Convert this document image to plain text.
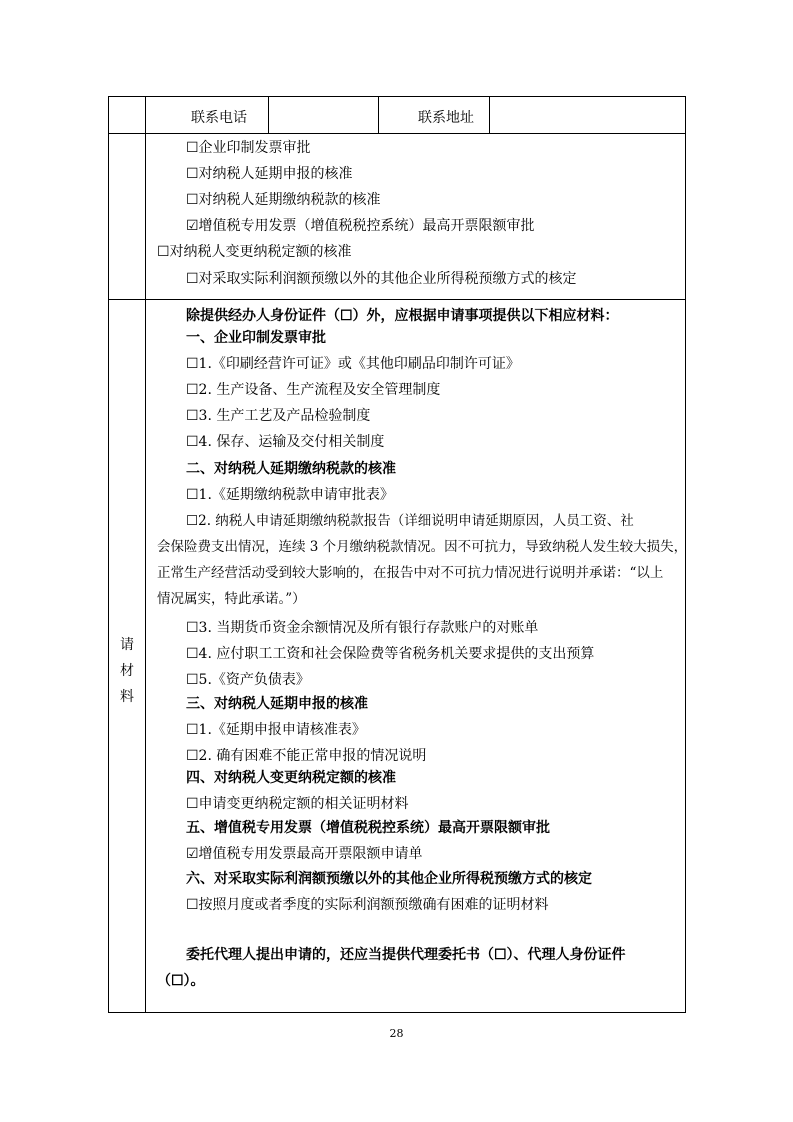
联系电话	联系地址
☐企业印制发票审批
☐对纳税人延期申报的核准
☐对纳税人延期缴纳税款的核准
☑增值税专用发票（增值税税控系统）最高开票限额审批
☐对纳税人变更纳税定额的核准
☐对采取实际利润额预缴以外的其他企业所得税预缴方式的核定
请
材
料
除提供经办人身份证件（☐）外，应根据申请事项提供以下相应材料：
一、企业印制发票审批
☐1.《印刷经营许可证》或《其他印刷品印制许可证》
☐2. 生产设备、生产流程及安全管理制度
☐3. 生产工艺及产品检验制度
☐4. 保存、运输及交付相关制度
二、对纳税人延期缴纳税款的核准
☐1.《延期缴纳税款申请审批表》
☐2. 纳税人申请延期缴纳税款报告（详细说明申请延期原因，人员工资、社
会保险费支出情况，连续 3 个月缴纳税款情况。因不可抗力，导致纳税人发生较大损失，
正常生产经营活动受到较大影响的，在报告中对不可抗力情况进行说明并承诺：“以上
情况属实，特此承诺。”）
☐3. 当期货币资金余额情况及所有银行存款账户的对账单
☐4. 应付职工工资和社会保险费等省税务机关要求提供的支出预算
☐5.《资产负债表》
三、对纳税人延期申报的核准
☐1.《延期申报申请核准表》
☐2. 确有困难不能正常申报的情况说明
四、对纳税人变更纳税定额的核准
☐申请变更纳税定额的相关证明材料
五、增值税专用发票（增值税税控系统）最高开票限额审批
☑增值税专用发票最高开票限额申请单
六、对采取实际利润额预缴以外的其他企业所得税预缴方式的核定
☐按照月度或者季度的实际利润额预缴确有困难的证明材料
委托代理人提出申请的，还应当提供代理委托书（☐）、代理人身份证件
（☐）。
28
